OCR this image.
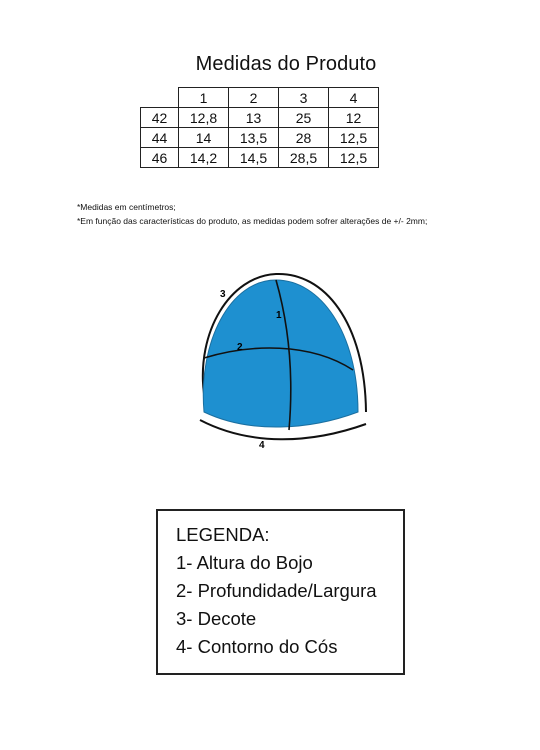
Medidas do Produto
	1	2	3	4
42	12,8	13	25	12
44	14	13,5	28	12,5
46	14,2	14,5	28,5	12,5
*Medidas em centímetros;
*Em função das características do produto, as medidas podem sofrer alterações de +/- 2mm;
1
2
3
4
LEGENDA:
1- Altura do Bojo
2- Profundidade/Largura
3- Decote
4- Contorno do Cós
